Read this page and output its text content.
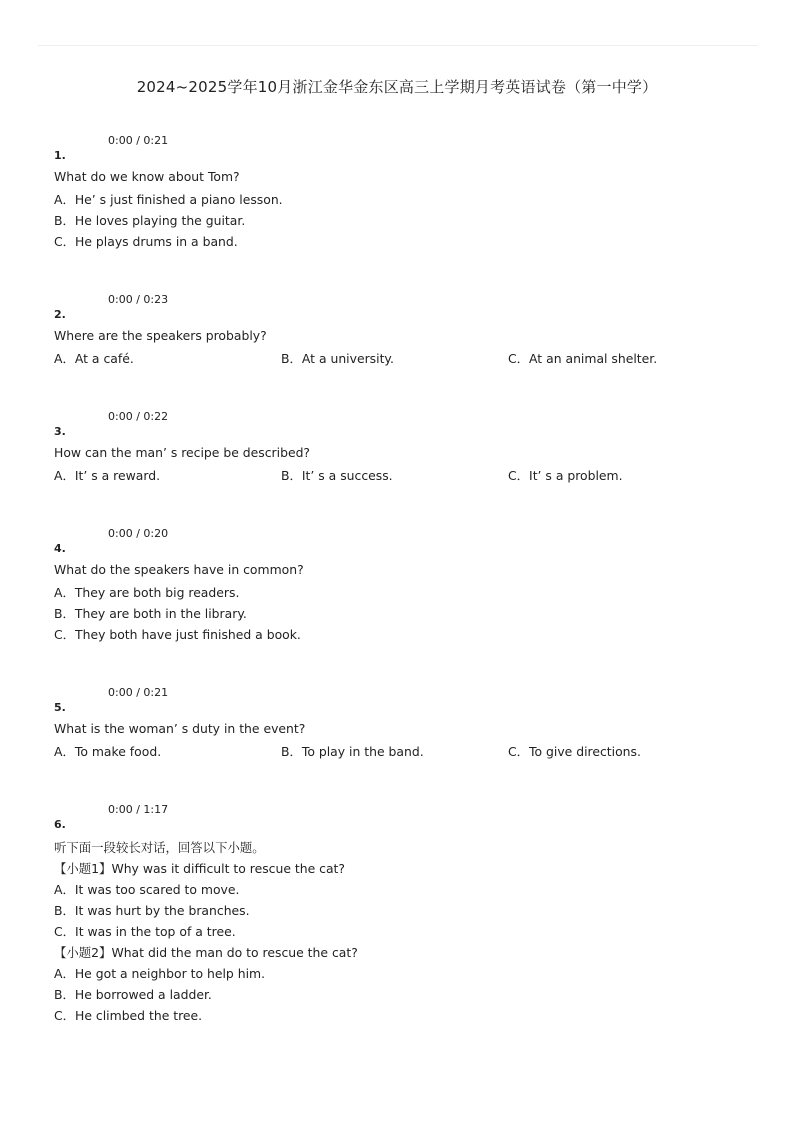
2024~2025学年10月浙江金华金东区高三上学期月考英语试卷（第一中学）
0:00 / 0:21
1.
What do we know about Tom?
A．He’ s just finished a piano lesson.
B．He loves playing the guitar.
C．He plays drums in a band.
0:00 / 0:23
2.
Where are the speakers probably?
A．At a café.	B．At a university.	C．At an animal shelter.
0:00 / 0:22
3.
How can the man’ s recipe be described?
A．It’ s a reward.	B．It’ s a success.	C．It’ s a problem.
0:00 / 0:20
4.
What do the speakers have in common?
A．They are both big readers.
B．They are both in the library.
C．They both have just finished a book.
0:00 / 0:21
5.
What is the woman’ s duty in the event?
A．To make food.	B．To play in the band.	C．To give directions.
0:00 / 1:17
6.
听下面一段较长对话，回答以下小题。
【小题1】Why was it difficult to rescue the cat?
A．It was too scared to move.
B．It was hurt by the branches.
C．It was in the top of a tree.
【小题2】What did the man do to rescue the cat?
A．He got a neighbor to help him.
B．He borrowed a ladder.
C．He climbed the tree.
